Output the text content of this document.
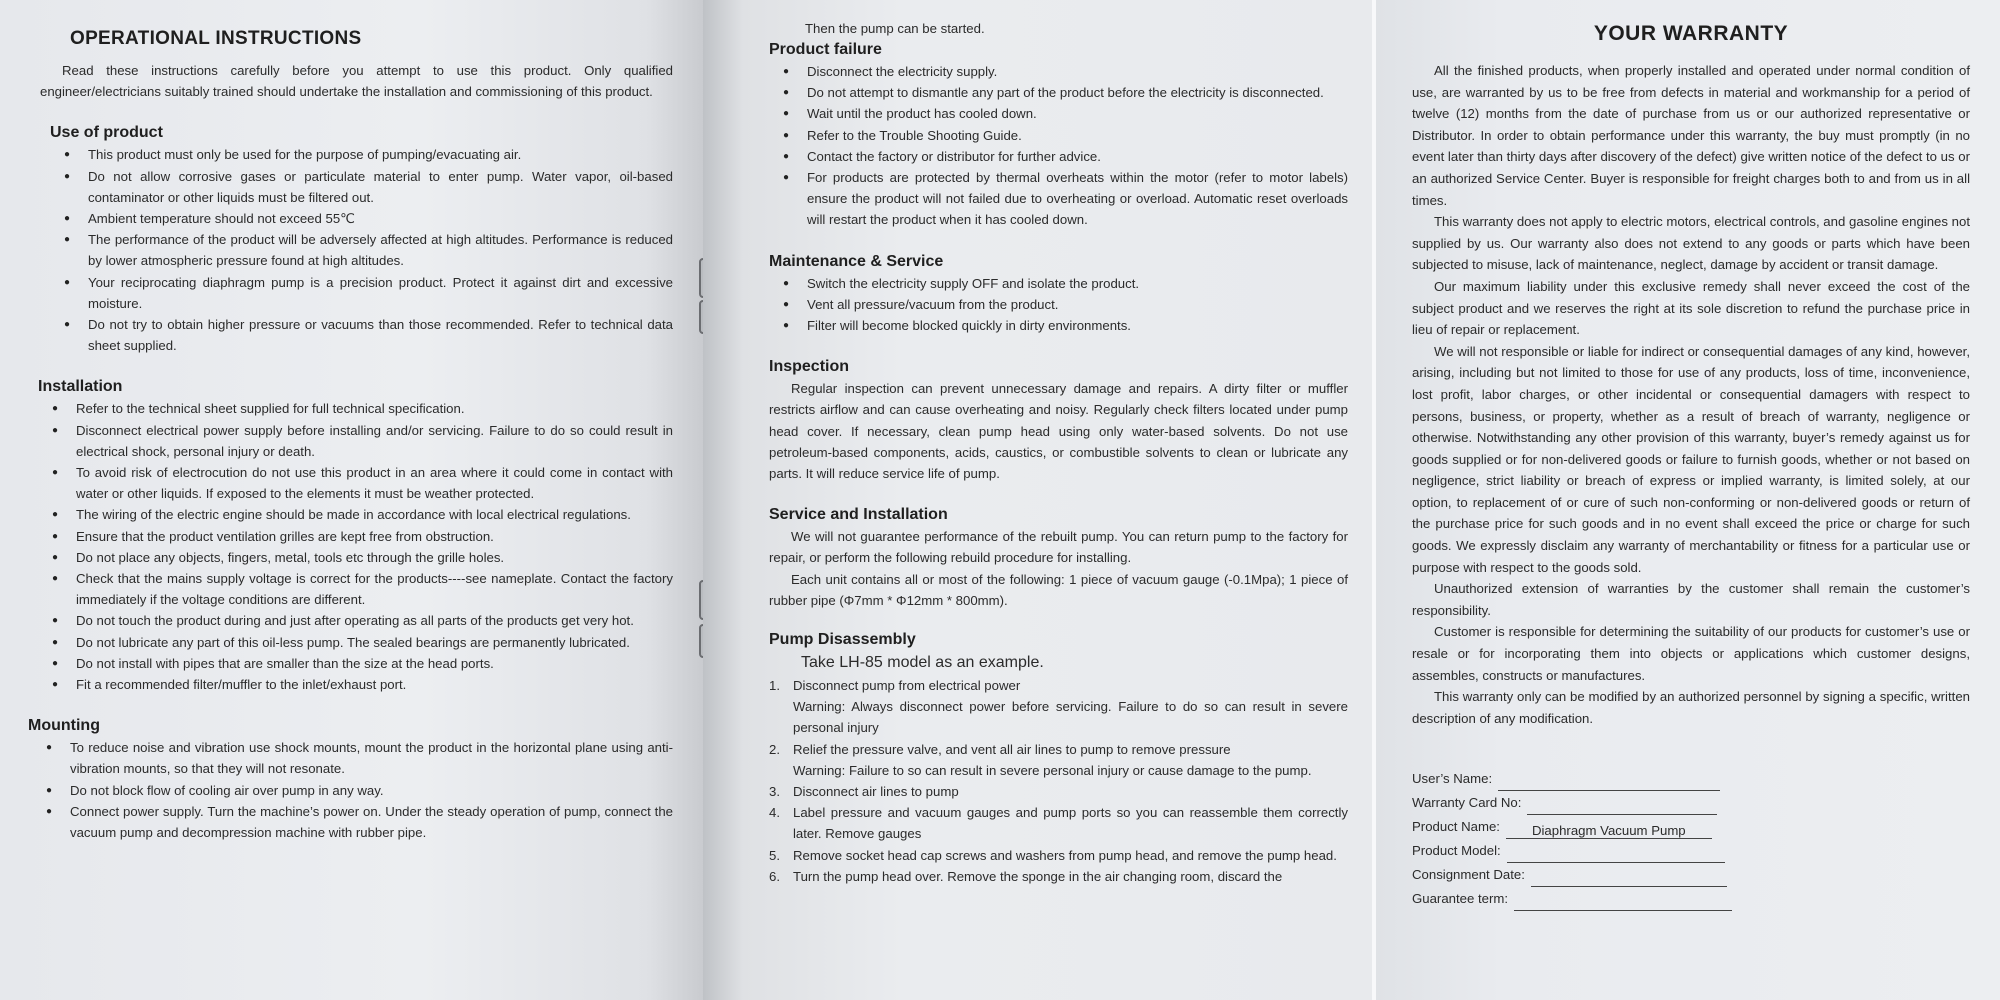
OPERATIONAL INSTRUCTIONS

Read these instructions carefully before you attempt to use this product. Only qualified engineer/electricians suitably trained should undertake the installation and commissioning of this product.

Use of product
● This product must only be used for the purpose of pumping/evacuating air.
● Do not allow corrosive gases or particulate material to enter pump. Water vapor, oil-based contaminator or other liquids must be filtered out.
● Ambient temperature should not exceed 55℃
● The performance of the product will be adversely affected at high altitudes. Performance is reduced by lower atmospheric pressure found at high altitudes.
● Your reciprocating diaphragm pump is a precision product. Protect it against dirt and excessive moisture.
● Do not try to obtain higher pressure or vacuums than those recommended. Refer to technical data sheet supplied.
Installation
● Refer to the technical sheet supplied for full technical specification.
● Disconnect electrical power supply before installing and/or servicing. Failure to do so could result in electrical shock, personal injury or death.
● To avoid risk of electrocution do not use this product in an area where it could come in contact with water or other liquids. If exposed to the elements it must be weather protected.
● The wiring of the electric engine should be made in accordance with local electrical regulations.
● Ensure that the product ventilation grilles are kept free from obstruction.
● Do not place any objects, fingers, metal, tools etc through the grille holes.
● Check that the mains supply voltage is correct for the products----see nameplate. Contact the factory immediately if the voltage conditions are different.
● Do not touch the product during and just after operating as all parts of the products get very hot.
● Do not lubricate any part of this oil-less pump. The sealed bearings are permanently lubricated.
● Do not install with pipes that are smaller than the size at the head ports.
● Fit a recommended filter/muffler to the inlet/exhaust port.
Mounting
● To reduce noise and vibration use shock mounts, mount the product in the horizontal plane using anti-vibration mounts, so that they will not resonate.
● Do not block flow of cooling air over pump in any way.
● Connect power supply. Turn the machine’s power on. Under the steady operation of pump, connect the vacuum pump and decompression machine with rubber pipe.

Then the pump can be started.

Product failure
● Disconnect the electricity supply.
● Do not attempt to dismantle any part of the product before the electricity is disconnected.
● Wait until the product has cooled down.
● Refer to the Trouble Shooting Guide.
● Contact the factory or distributor for further advice.
● For products are protected by thermal overheats within the motor (refer to motor labels) ensure the product will not failed due to overheating or overload. Automatic reset overloads will restart the product when it has cooled down.
Maintenance & Service
● Switch the electricity supply OFF and isolate the product.
● Vent all pressure/vacuum from the product.
● Filter will become blocked quickly in dirty environments.
Inspection

Regular inspection can prevent unnecessary damage and repairs. A dirty filter or muffler restricts airflow and can cause overheating and noisy. Regularly check filters located under pump head cover. If necessary, clean pump head using only water-based solvents. Do not use petroleum-based components, acids, caustics, or combustible solvents to clean or lubricate any parts. It will reduce service life of pump.

Service and Installation

We will not guarantee performance of the rebuilt pump. You can return pump to the factory for repair, or perform the following rebuild procedure for installing.

Each unit contains all or most of the following: 1 piece of vacuum gauge (-0.1Mpa); 1 piece of rubber pipe (Φ7mm * Φ12mm * 800mm).

Pump Disassembly

Take LH-85 model as an example.

1. Disconnect pump from electrical power
Warning: Always disconnect power before servicing. Failure to do so can result in severe personal injury
2. Relief the pressure valve, and vent all air lines to pump to remove pressure
Warning: Failure to so can result in severe personal injury or cause damage to the pump.
3. Disconnect air lines to pump
4. Label pressure and vacuum gauges and pump ports so you can reassemble them correctly later. Remove gauges
5. Remove socket head cap screws and washers from pump head, and remove the pump head.
6. Turn the pump head over. Remove the sponge in the air changing room, discard the
YOUR WARRANTY

All the finished products, when properly installed and operated under normal condition of use, are warranted by us to be free from defects in material and workmanship for a period of twelve (12) months from the date of purchase from us or our authorized representative or Distributor. In order to obtain performance under this warranty, the buy must promptly (in no event later than thirty days after discovery of the defect) give written notice of the defect to us or an authorized Service Center. Buyer is responsible for freight charges both to and from us in all times.

This warranty does not apply to electric motors, electrical controls, and gasoline engines not supplied by us. Our warranty also does not extend to any goods or parts which have been subjected to misuse, lack of maintenance, neglect, damage by accident or transit damage.

Our maximum liability under this exclusive remedy shall never exceed the cost of the subject product and we reserves the right at its sole discretion to refund the purchase price in lieu of repair or replacement.

We will not responsible or liable for indirect or consequential damages of any kind, however, arising, including but not limited to those for use of any products, loss of time, inconvenience, lost profit, labor charges, or other incidental or consequential damagers with respect to persons, business, or property, whether as a result of breach of warranty, negligence or otherwise. Notwithstanding any other provision of this warranty, buyer’s remedy against us for goods supplied or for non-delivered goods or failure to furnish goods, whether or not based on negligence, strict liability or breach of express or implied warranty, is limited solely, at our option, to replacement of or cure of such non-conforming or non-delivered goods or return of the purchase price for such goods and in no event shall exceed the price or charge for such goods. We expressly disclaim any warranty of merchantability or fitness for a particular use or purpose with respect to the goods sold.

Unauthorized extension of warranties by the customer shall remain the customer’s responsibility.

Customer is responsible for determining the suitability of our products for customer’s use or resale or for incorporating them into objects or applications which customer designs, assembles, constructs or manufactures.

This warranty only can be modified by an authorized personnel by signing a specific, written description of any modification.

User’s Name:
Warranty Card No:
Product Name:	Diaphragm Vacuum Pump
Product Model:
Consignment Date:
Guarantee term:
